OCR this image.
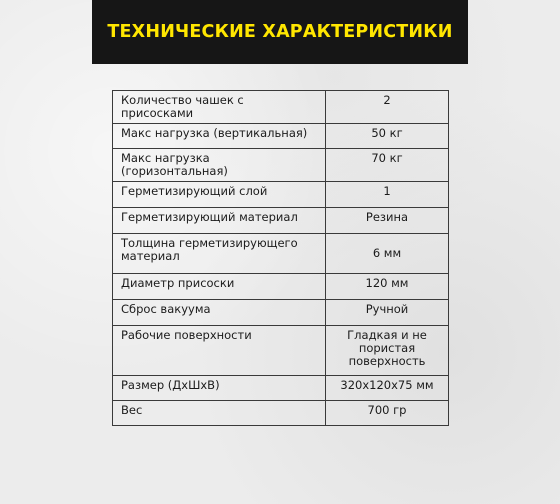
ТЕХНИЧЕСКИЕ ХАРАКТЕРИСТИКИ
Количество чашек с присосками	2
Макс нагрузка (вертикальная)	50 кг
Макс нагрузка (горизонтальная)	70 кг
Герметизирующий слой	1
Герметизирующий материал	Резина
Толщина герметизирующего материал	6 мм
Диаметр присоски	120 мм
Сброс вакуума	Ручной
Рабочие поверхности	Гладкая и не пористая поверхность
Размер (ДхШхВ)	320x120x75 мм
Вес	700 гр
